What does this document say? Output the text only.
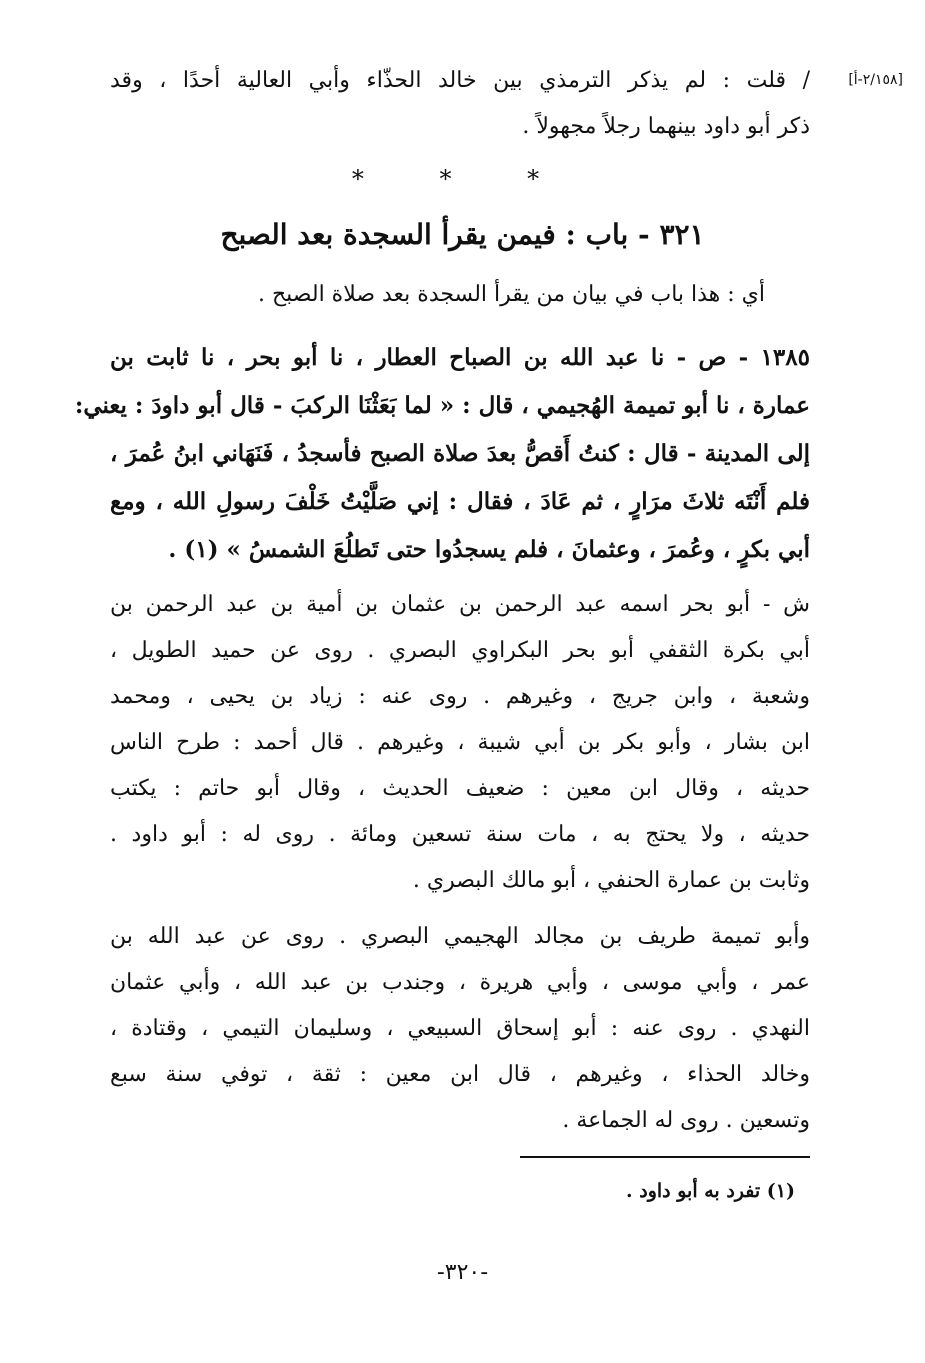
[٢/١٥٨-أ]
/ قلت : لم يذكر الترمذي بين خالد الحذّاء وأبي العالية أحدًا ، وقد
ذكر أبو داود بينهما رجلاً مجهولاً .
* * *
٣٢١ - باب : فيمن يقرأ السجدة بعد الصبح
أي : هذا باب في بيان من يقرأ السجدة بعد صلاة الصبح .
١٣٨٥ - ص - نا عبد الله بن الصباح العطار ، نا أبو بحر ، نا ثابت بن
عمارة ، نا أبو تميمة الهُجيمي ، قال : « لما بَعَثْنَا الركبَ - قال أبو داودَ : يعني:
إلى المدينة - قال : كنتُ أَقصُّ بعدَ صلاة الصبح فأسجدُ ، فَنَهَاني ابنُ عُمرَ ،
فلم أَنْتَه ثلاثَ مرَارٍ ، ثم عَادَ ، فقال : إني صَلَّيْتُ خَلْفَ رسولِ الله ، ومع
أبي بكرٍ ، وعُمرَ ، وعثمانَ ، فلم يسجدُوا حتى تَطلُعَ الشمسُ » (١) .
ش - أبو بحر اسمه عبد الرحمن بن عثمان بن أمية بن عبد الرحمن بن
أبي بكرة الثقفي أبو بحر البكراوي البصري . روى عن حميد الطويل ،
وشعبة ، وابن جريج ، وغيرهم . روى عنه : زياد بن يحيى ، ومحمد
ابن بشار ، وأبو بكر بن أبي شيبة ، وغيرهم . قال أحمد : طرح الناس
حديثه ، وقال ابن معين : ضعيف الحديث ، وقال أبو حاتم : يكتب
حديثه ، ولا يحتج به ، مات سنة تسعين ومائة . روى له : أبو داود .
وثابت بن عمارة الحنفي ، أبو مالك البصري .
وأبو تميمة طريف بن مجالد الهجيمي البصري . روى عن عبد الله بن
عمر ، وأبي موسى ، وأبي هريرة ، وجندب بن عبد الله ، وأبي عثمان
النهدي . روى عنه : أبو إسحاق السبيعي ، وسليمان التيمي ، وقتادة ،
وخالد الحذاء ، وغيرهم ، قال ابن معين : ثقة ، توفي سنة سبع
وتسعين . روى له الجماعة .
(١) تفرد به أبو داود .
-٣٢٠-
